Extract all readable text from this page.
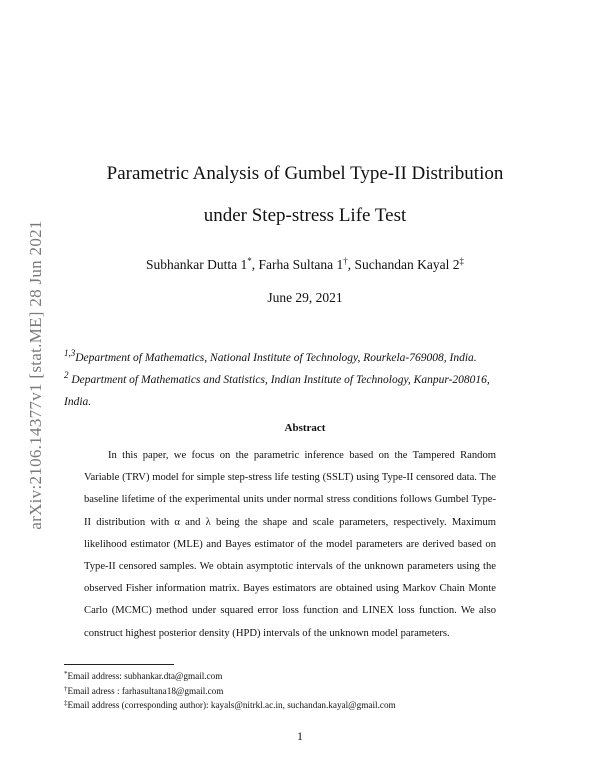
arXiv:2106.14377v1 [stat.ME] 28 Jun 2021
Parametric Analysis of Gumbel Type-II Distribution
under Step-stress Life Test
Subhankar Dutta 1*, Farha Sultana 1†, Suchandan Kayal 2‡
June 29, 2021
$^{1,3}$Department of Mathematics, National Institute of Technology, Rourkela-769008, India.
$^2$ Department of Mathematics and Statistics, Indian Institute of Technology, Kanpur-208016, India.
Abstract
In this paper, we focus on the parametric inference based on the Tampered Random Variable (TRV) model for simple step-stress life testing (SSLT) using Type-II censored data. The baseline lifetime of the experimental units under normal stress conditions follows Gumbel Type-II distribution with α and λ being the shape and scale parameters, respectively. Maximum likelihood estimator (MLE) and Bayes estimator of the model parameters are derived based on Type-II censored samples. We obtain asymptotic intervals of the unknown parameters using the observed Fisher information matrix. Bayes estimators are obtained using Markov Chain Monte Carlo (MCMC) method under squared error loss function and LINEX loss function. We also construct highest posterior density (HPD) intervals of the unknown model parameters.
*Email address: subhankar.dta@gmail.com
†Email adress : farhasultana18@gmail.com
‡Email address (corresponding author): kayals@nitrkl.ac.in, suchandan.kayal@gmail.com
1
